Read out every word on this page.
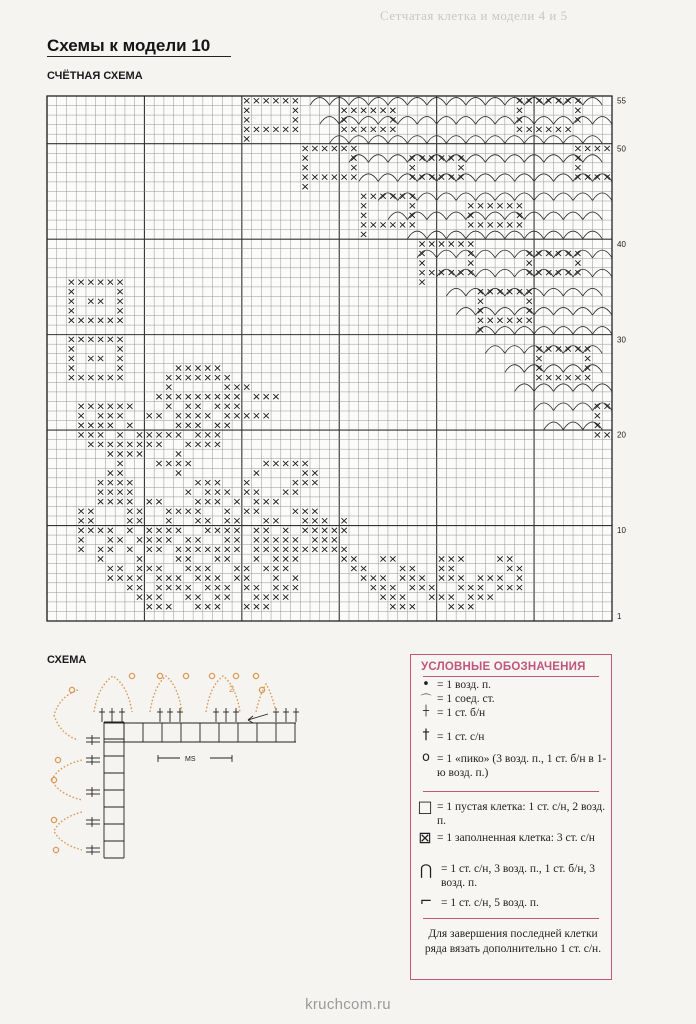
Сетчатая клетка и модели 4 и 5
Схемы к модели 10
СЧЁТНАЯ СХЕМА
55
50
40
30
20
10
1
СХЕМА
MS
2
УСЛОВНЫЕ ОБОЗНАЧЕНИЯ
• = 1 возд. п.
⌒ = 1 соед. ст.
┼ = 1 ст. б/н
† = 1 ст. с/н
ο = 1 «пико» (3 возд. п., 1 ст. б/н в 1-ю возд. п.)
□ = 1 пустая клетка: 1 ст. с/н, 2 возд. п.
⊠ = 1 заполненная клетка: 3 ст. с/н
⋂ = 1 ст. с/н, 3 возд. п., 1 ст. б/н, 3 возд. п.
⌐ = 1 ст. с/н, 5 возд. п.
Для завершения последней клетки ряда вязать дополнительно 1 ст. с/н.
kruchcom.ru
